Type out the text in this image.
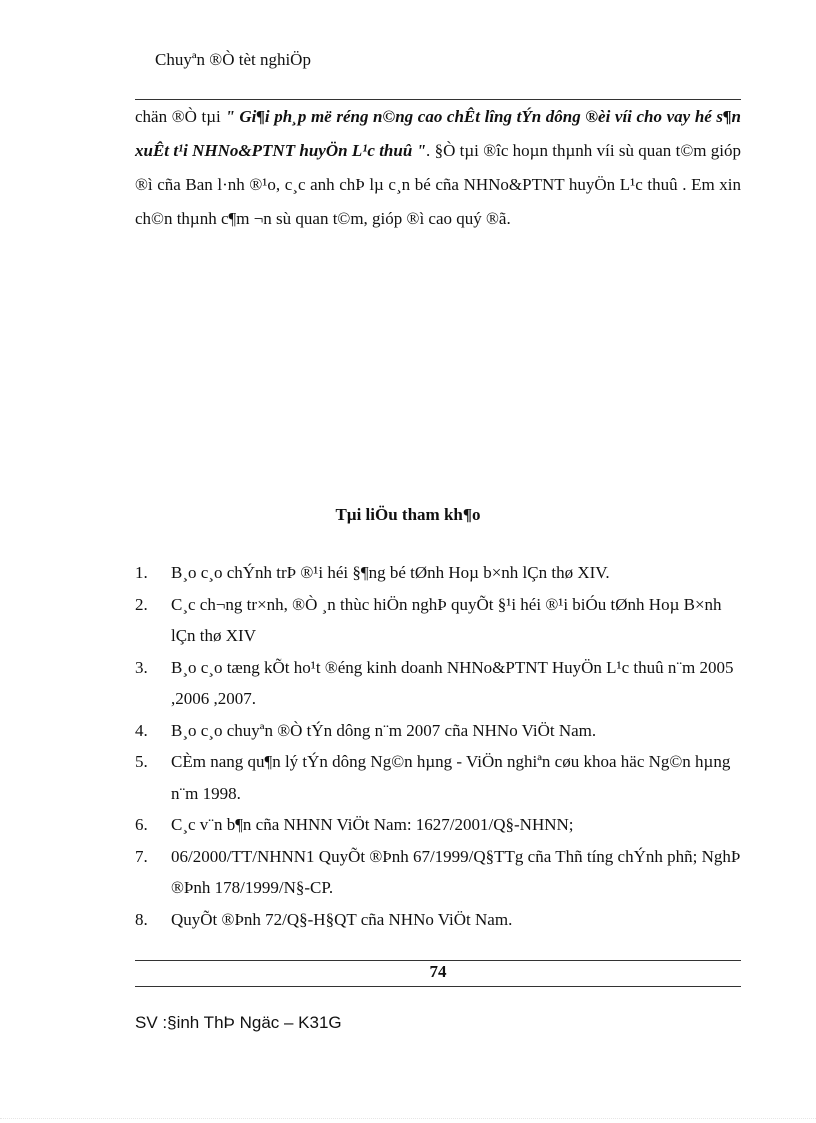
Chuyªn ®Ò tèt nghiÖp
chän ®Ò tµi " Gi¶i ph¸p më réng n©ng cao chÊt lîng tÝn dông ®èi víi cho vay hé s¶n xuÊt t¹i NHNo&PTNT huyÖn L¹c thuû ". §Ò tµi ®îc hoµn thµnh víi sù quan t©m gióp ®ì cña Ban l·nh ®¹o, c¸c anh chÞ lµ c¸n bé cña NHNo&PTNT huyÖn L¹c thuû . Em xin ch©n thµnh c¶m ¬n sù quan t©m, gióp ®ì cao quý ®ã.
Tµi liÖu tham kh¶o
1. B¸o c¸o chÝnh trÞ ®¹i héi §¶ng bé tØnh Hoµ b×nh lÇn thø XIV.
2. C¸c ch¬ng tr×nh, ®Ò ¸n thùc hiÖn nghÞ quyÕt §¹i héi ®¹i biÓu tØnh Hoµ B×nh lÇn thø XIV
3. B¸o c¸o tæng kÕt ho¹t ®éng kinh doanh NHNo&PTNT HuyÖn L¹c thuû n¨m 2005 ,2006 ,2007.
4. B¸o c¸o chuyªn ®Ò tÝn dông n¨m 2007 cña NHNo ViÖt Nam.
5. CÈm nang qu¶n lý tÝn dông Ng©n hµng - ViÖn nghiªn cøu khoa häc Ng©n hµng n¨m 1998.
6. C¸c v¨n b¶n cña NHNN ViÖt Nam: 1627/2001/Q§-NHNN;
7. 06/2000/TT/NHNN1 QuyÕt ®Þnh 67/1999/Q§TTg cña Thñ tíng chÝnh phñ; NghÞ ®Þnh 178/1999/N§-CP.
8. QuyÕt ®Þnh 72/Q§-H§QT cña NHNo ViÖt Nam.
74
SV :§inh ThÞ Ngäc – K31G
